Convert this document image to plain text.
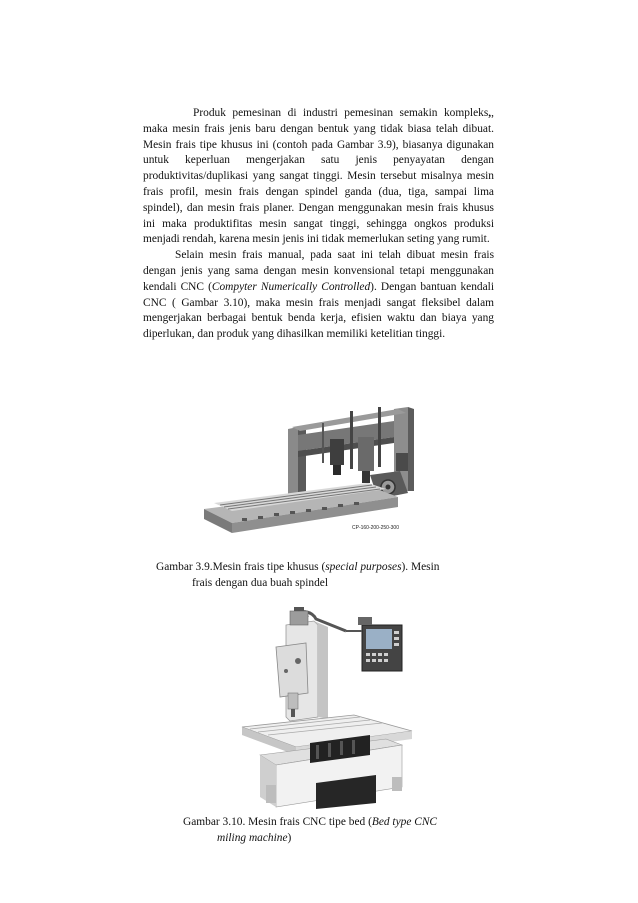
Produk pemesinan di industri pemesinan semakin kompleks,, maka mesin frais jenis baru dengan bentuk yang tidak biasa telah dibuat. Mesin frais tipe khusus ini (contoh pada Gambar 3.9), biasanya digunakan untuk keperluan mengerjakan satu jenis penyayatan dengan produktivitas/duplikasi yang sangat tinggi. Mesin tersebut misalnya mesin frais profil, mesin frais dengan spindel ganda (dua, tiga, sampai lima spindel), dan mesin frais planer. Dengan menggunakan mesin frais khusus ini maka produktifitas mesin sangat tinggi, sehingga ongkos produksi menjadi rendah, karena mesin jenis ini tidak memerlukan seting yang rumit.

Selain mesin frais manual, pada saat ini telah dibuat mesin frais dengan jenis yang sama dengan mesin konvensional tetapi menggunakan kendali CNC (Compyter Numerically Controlled). Dengan bantuan kendali CNC ( Gambar 3.10), maka mesin frais menjadi sangat fleksibel dalam mengerjakan berbagai bentuk benda kerja, efisien waktu dan biaya yang diperlukan, dan produk yang dihasilkan memiliki ketelitian tinggi.

CP-160-200-250-300

Gambar 3.9.Mesin frais tipe khusus (special purposes). Mesin
frais dengan dua buah spindel

Gambar 3.10. Mesin frais CNC tipe bed (Bed type CNC
miling machine)
